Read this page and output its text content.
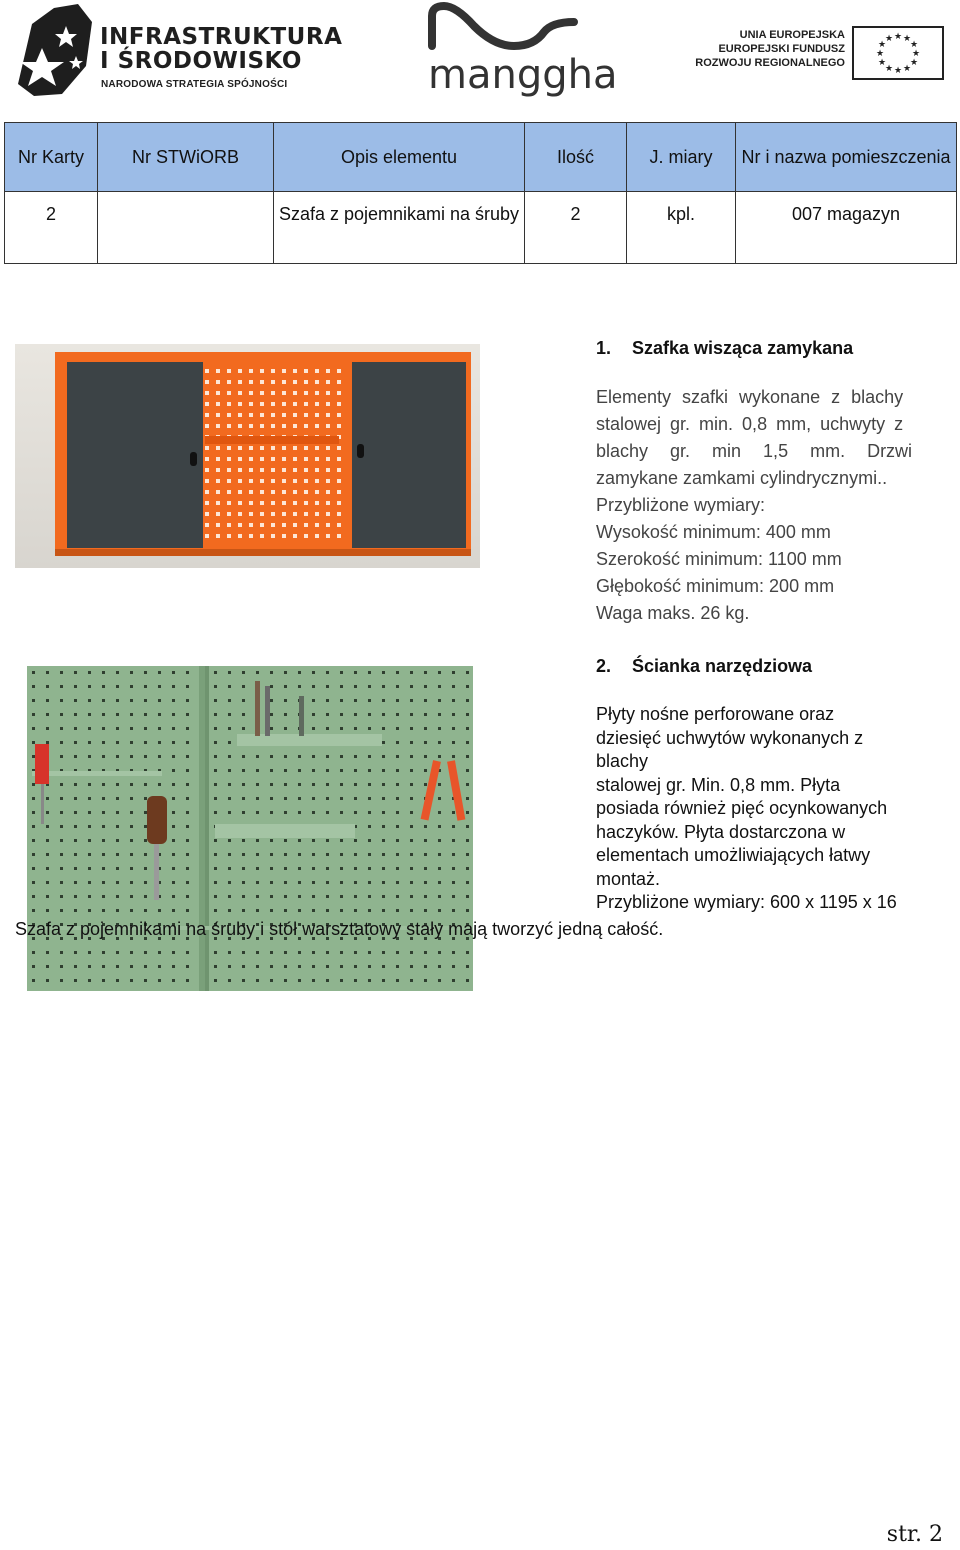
INFRASTRUKTURA
I ŚRODOWISKO
NARODOWA STRATEGIA SPÓJNOŚCI	manggha
UNIA EUROPEJSKA
EUROPEJSKI FUNDUSZ
ROZWOJU REGIONALNEGO
★ ★
★
★
★
★
★
★
★
★
★
★
Nr Karty	Nr STWiORB	Opis elementu	Ilość	J. miary	Nr i nazwa pomieszczenia
2		Szafa z pojemnikami na śruby	2	kpl.	007 magazyn
1. Szafka wisząca zamykana
Elementy szafki wykonane z blachy
stalowej gr. min. 0,8 mm, uchwyty z
blachy gr. min 1,5 mm. Drzwi
zamykane zamkami cylindrycznymi..
Przybliżone wymiary:
Wysokość minimum: 400 mm
Szerokość minimum: 1100 mm
Głębokość minimum: 200 mm
Waga maks. 26 kg.
2. Ścianka narzędziowa
Płyty nośne perforowane oraz
dziesięć uchwytów wykonanych z
blachy
stalowej gr. Min. 0,8 mm. Płyta
posiada również pięć ocynkowanych
haczyków. Płyta dostarczona w
elementach umożliwiających łatwy
montaż.
Przybliżone wymiary: 600 x 1195 x 16
Szafa z pojemnikami na śruby i stół warsztatowy stały mają tworzyć jedną całość.
str. 2
